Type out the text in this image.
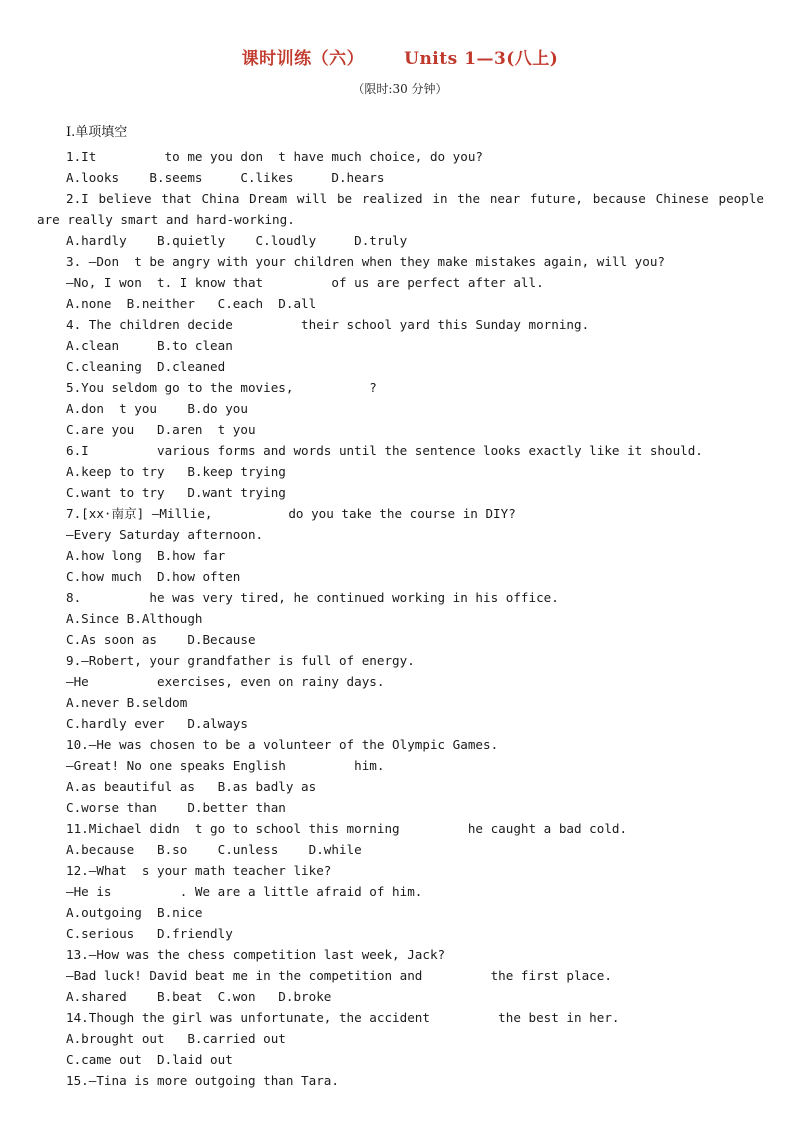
课时训练（六） Units 1—3(八上)
（限时:30 分钟）
Ⅰ.单项填空
1.It         to me you don  t have much choice, do you?
A.looks    B.seems     C.likes     D.hears
2.I believe that China Dream will be realized in the near future, because Chinese people
are really smart and hard-working.
A.hardly    B.quietly    C.loudly     D.truly
3. —Don  t be angry with your children when they make mistakes again, will you?
—No, I won  t. I know that         of us are perfect after all.
A.none  B.neither   C.each  D.all
4. The children decide         their school yard this Sunday morning.
A.clean     B.to clean
C.cleaning  D.cleaned
5.You seldom go to the movies,          ?
A.don  t you    B.do you
C.are you   D.aren  t you
6.I         various forms and words until the sentence looks exactly like it should.
A.keep to try   B.keep trying
C.want to try   D.want trying
7.[xx·南京] —Millie,          do you take the course in DIY?
—Every Saturday afternoon.
A.how long  B.how far
C.how much  D.how often
8.         he was very tired, he continued working in his office.
A.Since B.Although
C.As soon as    D.Because
9.—Robert, your grandfather is full of energy.
—He         exercises, even on rainy days.
A.never B.seldom
C.hardly ever   D.always
10.—He was chosen to be a volunteer of the Olympic Games.
—Great! No one speaks English         him.
A.as beautiful as   B.as badly as
C.worse than    D.better than
11.Michael didn  t go to school this morning         he caught a bad cold.
A.because   B.so    C.unless    D.while
12.—What  s your math teacher like?
—He is         . We are a little afraid of him.
A.outgoing  B.nice
C.serious   D.friendly
13.—How was the chess competition last week, Jack?
—Bad luck! David beat me in the competition and         the first place.
A.shared    B.beat  C.won   D.broke
14.Though the girl was unfortunate, the accident         the best in her.
A.brought out   B.carried out
C.came out  D.laid out
15.—Tina is more outgoing than Tara.
